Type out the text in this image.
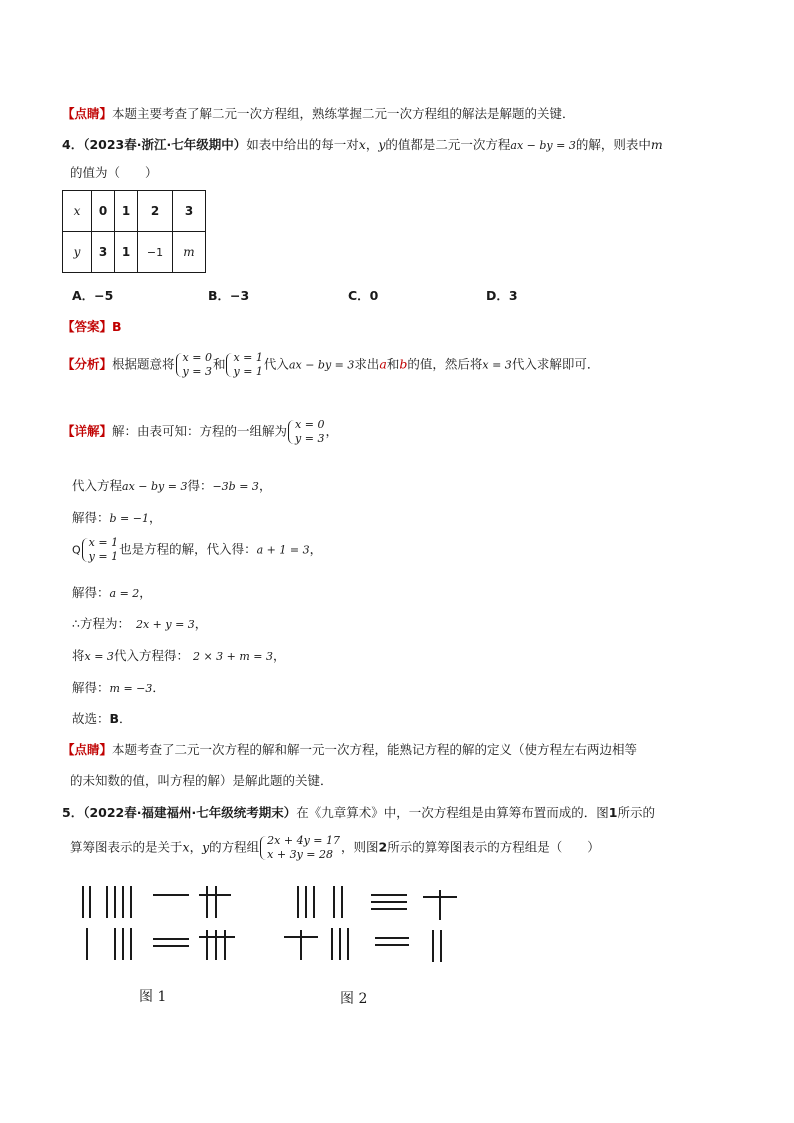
【点睛】本题主要考查了解二元一次方程组，熟练掌握二元一次方程组的解法是解题的关键．
4．（2023春·浙江·七年级期中）如表中给出的每一对x，y的值都是二元一次方程ax − by = 3的解，则表中m
的值为（　　）
x	0	1	2	3
y	3	1	−1	m
A．−5	B．−3	C．0	D．3
【答案】B
【分析】根据题意将 x = 0
y = 3 和 x = 1
y = 1 代入ax − by = 3求出a和b的值，然后将x = 3代入求解即可．
【详解】解：由表可知：方程的一组解为 x = 0
y = 3 ，
代入方程ax − by = 3得：−3b = 3，
解得：b = −1，
Q
x = 1
y = 1 也是方程的解，代入得：a + 1 = 3，
解得：a = 2，
∴方程为： 2x + y = 3，
将x = 3代入方程得： 2 × 3 + m = 3，
解得：m = −3．
故选：B．
【点睛】本题考查了二元一次方程的解和解一元一次方程，能熟记方程的解的定义（使方程左右两边相等
的未知数的值，叫方程的解）是解此题的关键．
5．（2022春·福建福州·七年级统考期末）在《九章算术》中，一次方程组是由算筹布置而成的．图1所示的
算筹图表示的是关于x，y的方程组 2x + 4y = 17
x + 3y = 28 ，则图2所示的算筹图表示的方程组是（　　）
图 1	图 2
